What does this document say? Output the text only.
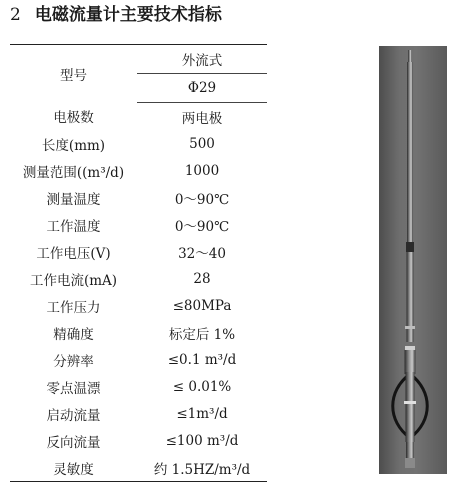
2 电磁流量计主要技术指标
型号	外流式
	Φ29
电极数	两电极
长度(mm)	500
测量范围((m³/d)	1000
测量温度	0～90℃
工作温度	0～90℃
工作电压(V)	32～40
工作电流(mA)	28
工作压力	≤80MPa
精确度	标定后 1%
分辨率	≤0.1 m³/d
零点温漂	≤ 0.01%
启动流量	≤1m³/d
反向流量	≤100 m³/d
灵敏度	约 1.5HZ/m³/d
